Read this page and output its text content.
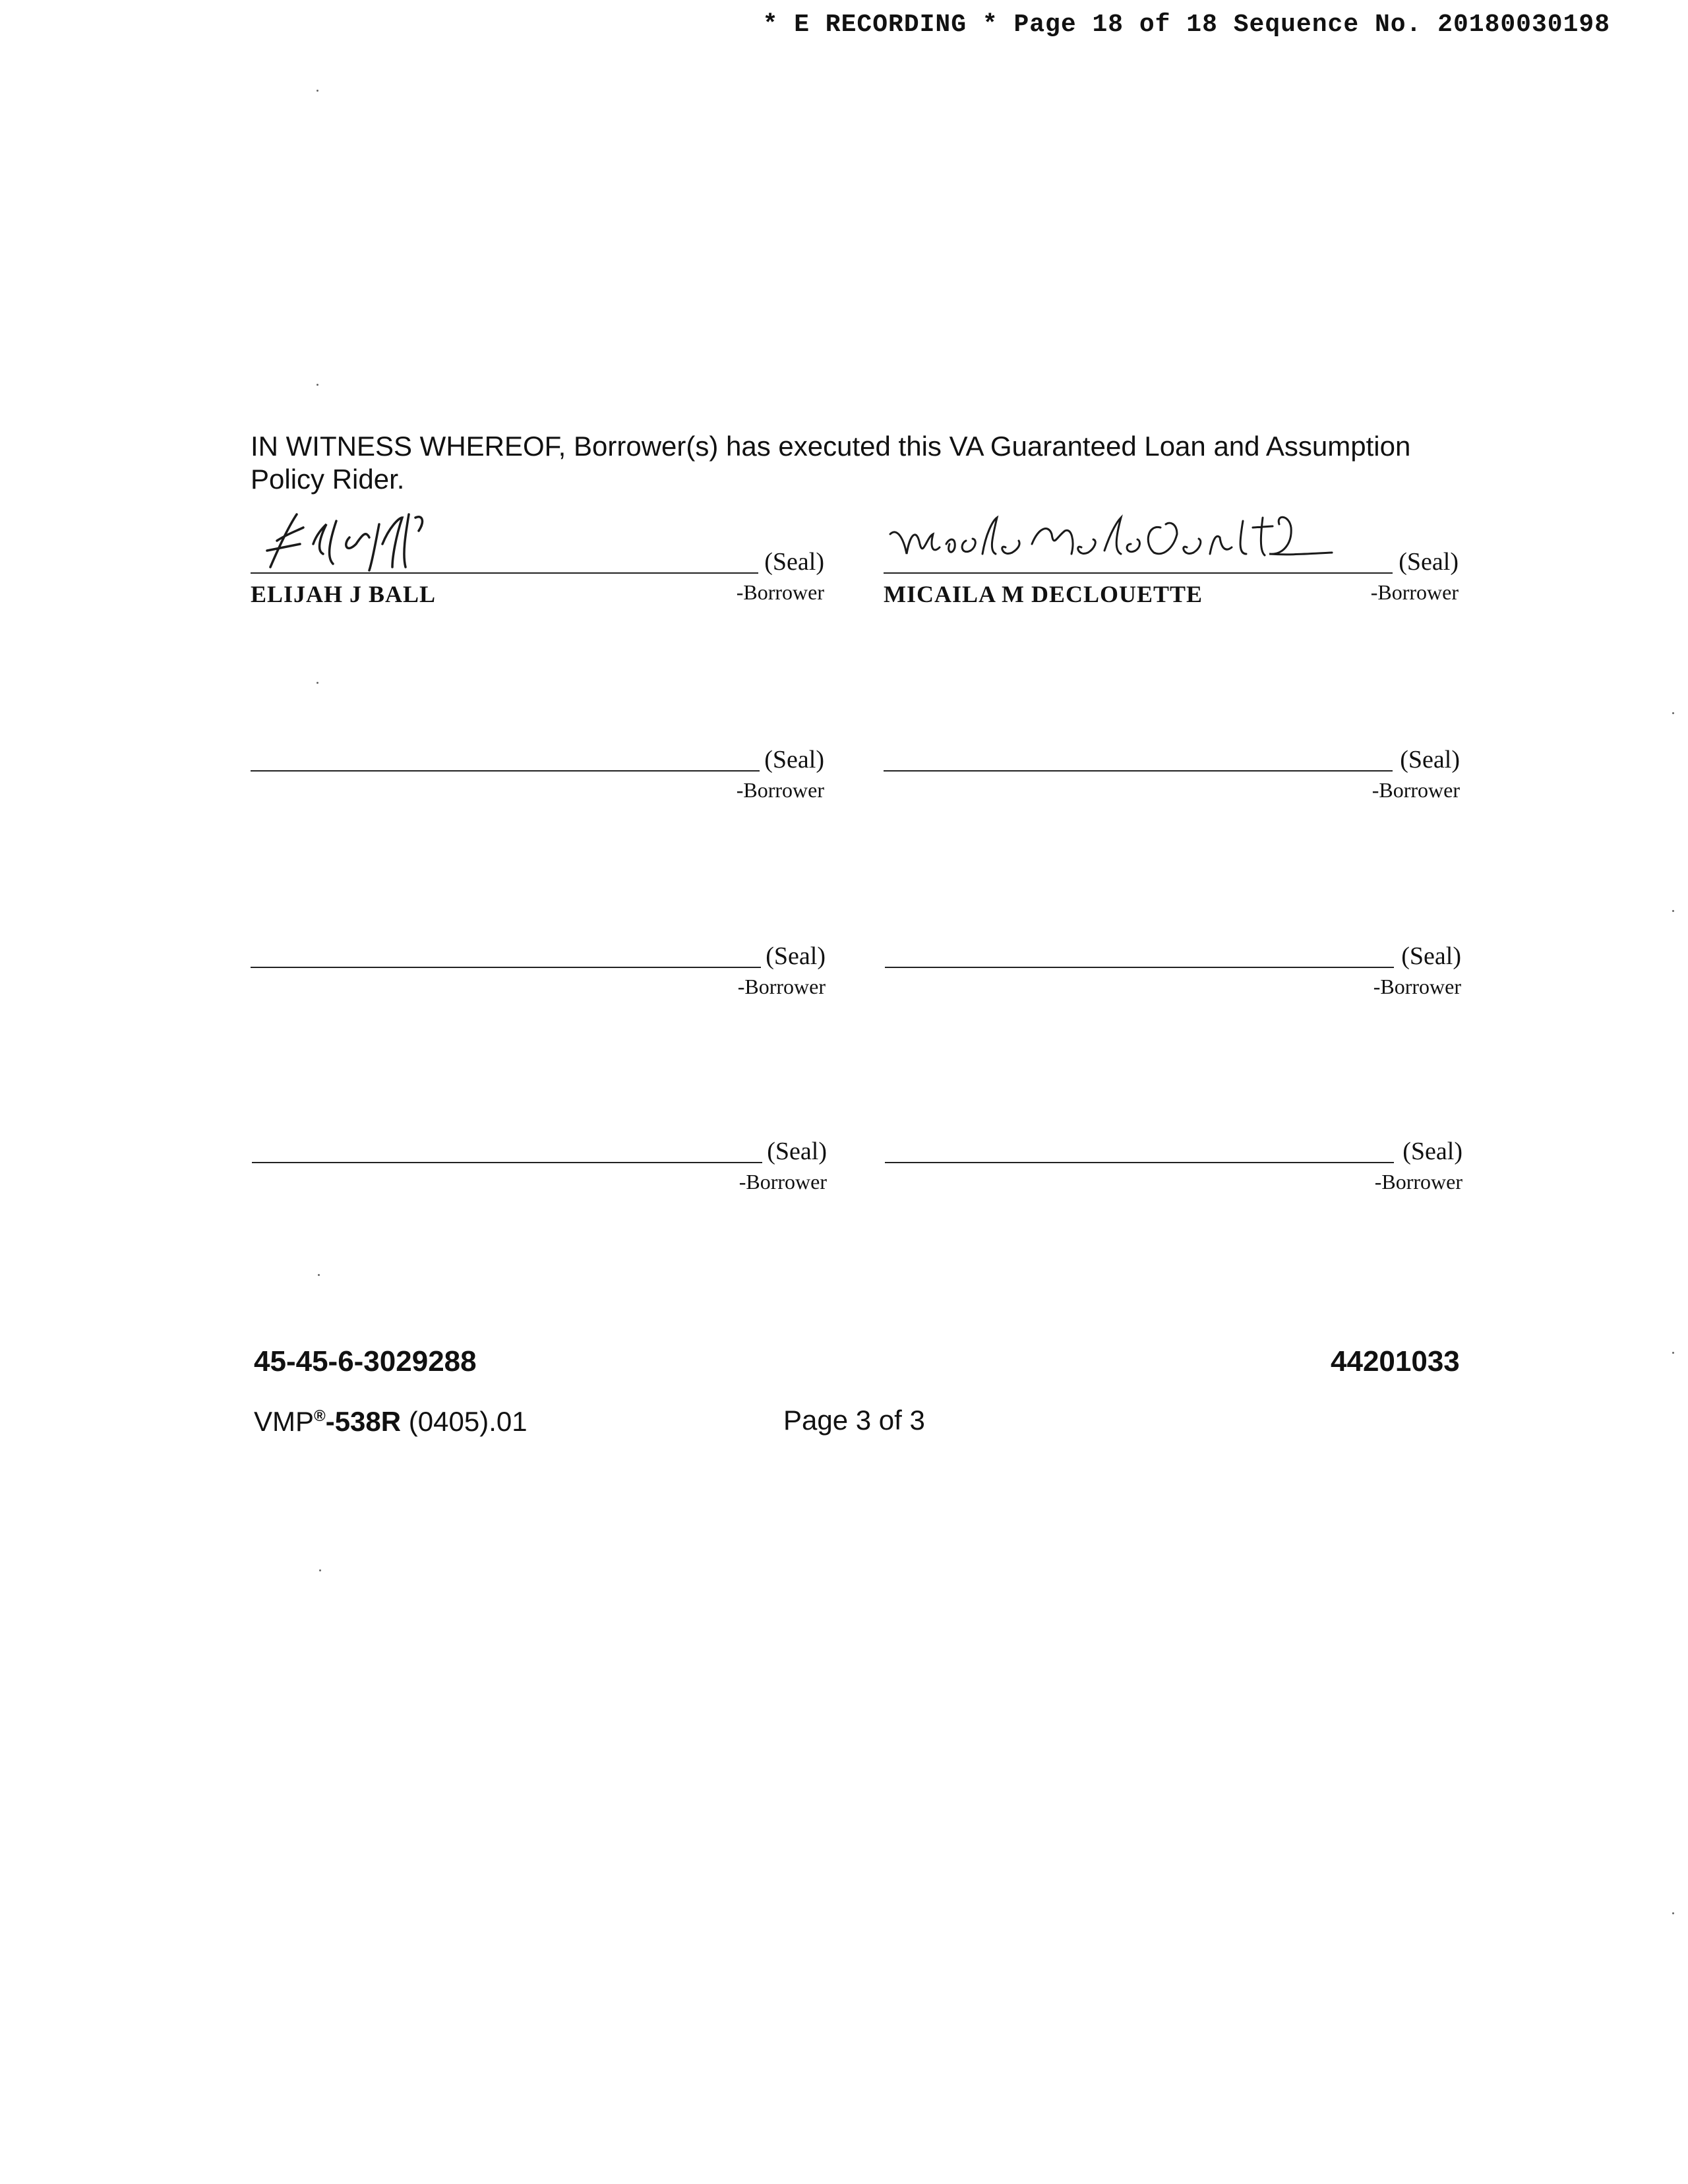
* E RECORDING * Page 18 of 18 Sequence No. 20180030198
IN WITNESS WHEREOF, Borrower(s) has executed this VA Guaranteed Loan and Assumption Policy Rider.
(Seal)
ELIJAH J BALL	-Borrower
(Seal)
MICAILA M DECLOUETTE	-Borrower
(Seal)
-Borrower
(Seal)
-Borrower
(Seal)
-Borrower
(Seal)
-Borrower
(Seal)
-Borrower
(Seal)
-Borrower
45-45-6-3029288	44201033
VMP®-538R (0405).01	Page 3 of 3
